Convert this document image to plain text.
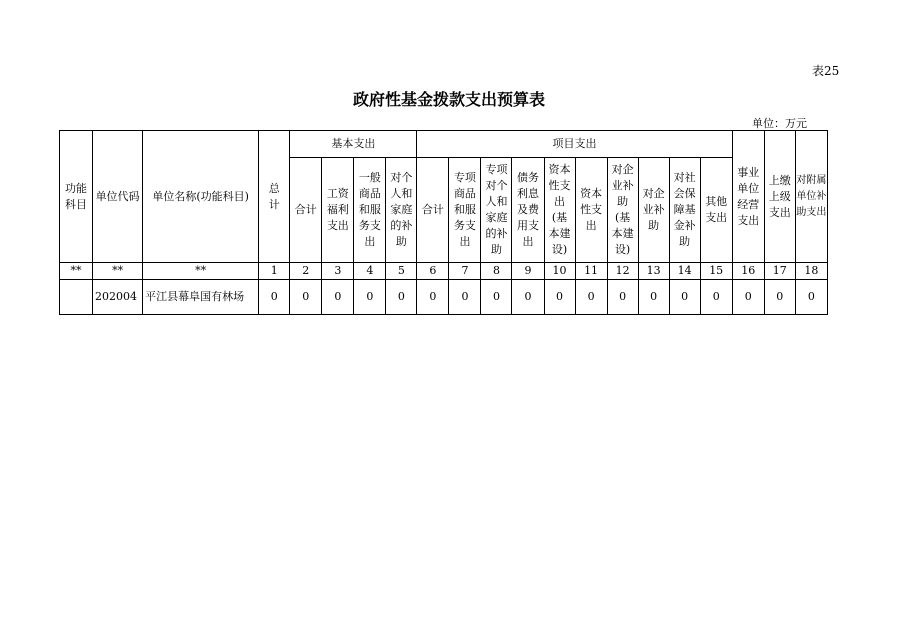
表25
政府性基金拨款支出预算表
单位：万元
功能科目	单位代码	单位名称(功能科目)	总计	基本支出				项目支出										事业单位经营支出	上缴上级支出	对附属单位补助支出
				合计	工资福利支出	一般商品和服务支出	对个人和家庭的补助	合计	专项商品和服务支出	专项对个人和家庭的补助	债务利息及费用支出	资本性支出(基本建设)	资本性支出	对企业补助(基本建设)	对企业补助	对社会保障基金补助	其他支出			
**	**	**	1	2	3	4	5	6	7	8	9	10	11	12	13	14	15	16	17	18
	202004	平江县幕阜国有林场	0	0	0	0	0	0	0	0	0	0	0	0	0	0	0	0	0	0
